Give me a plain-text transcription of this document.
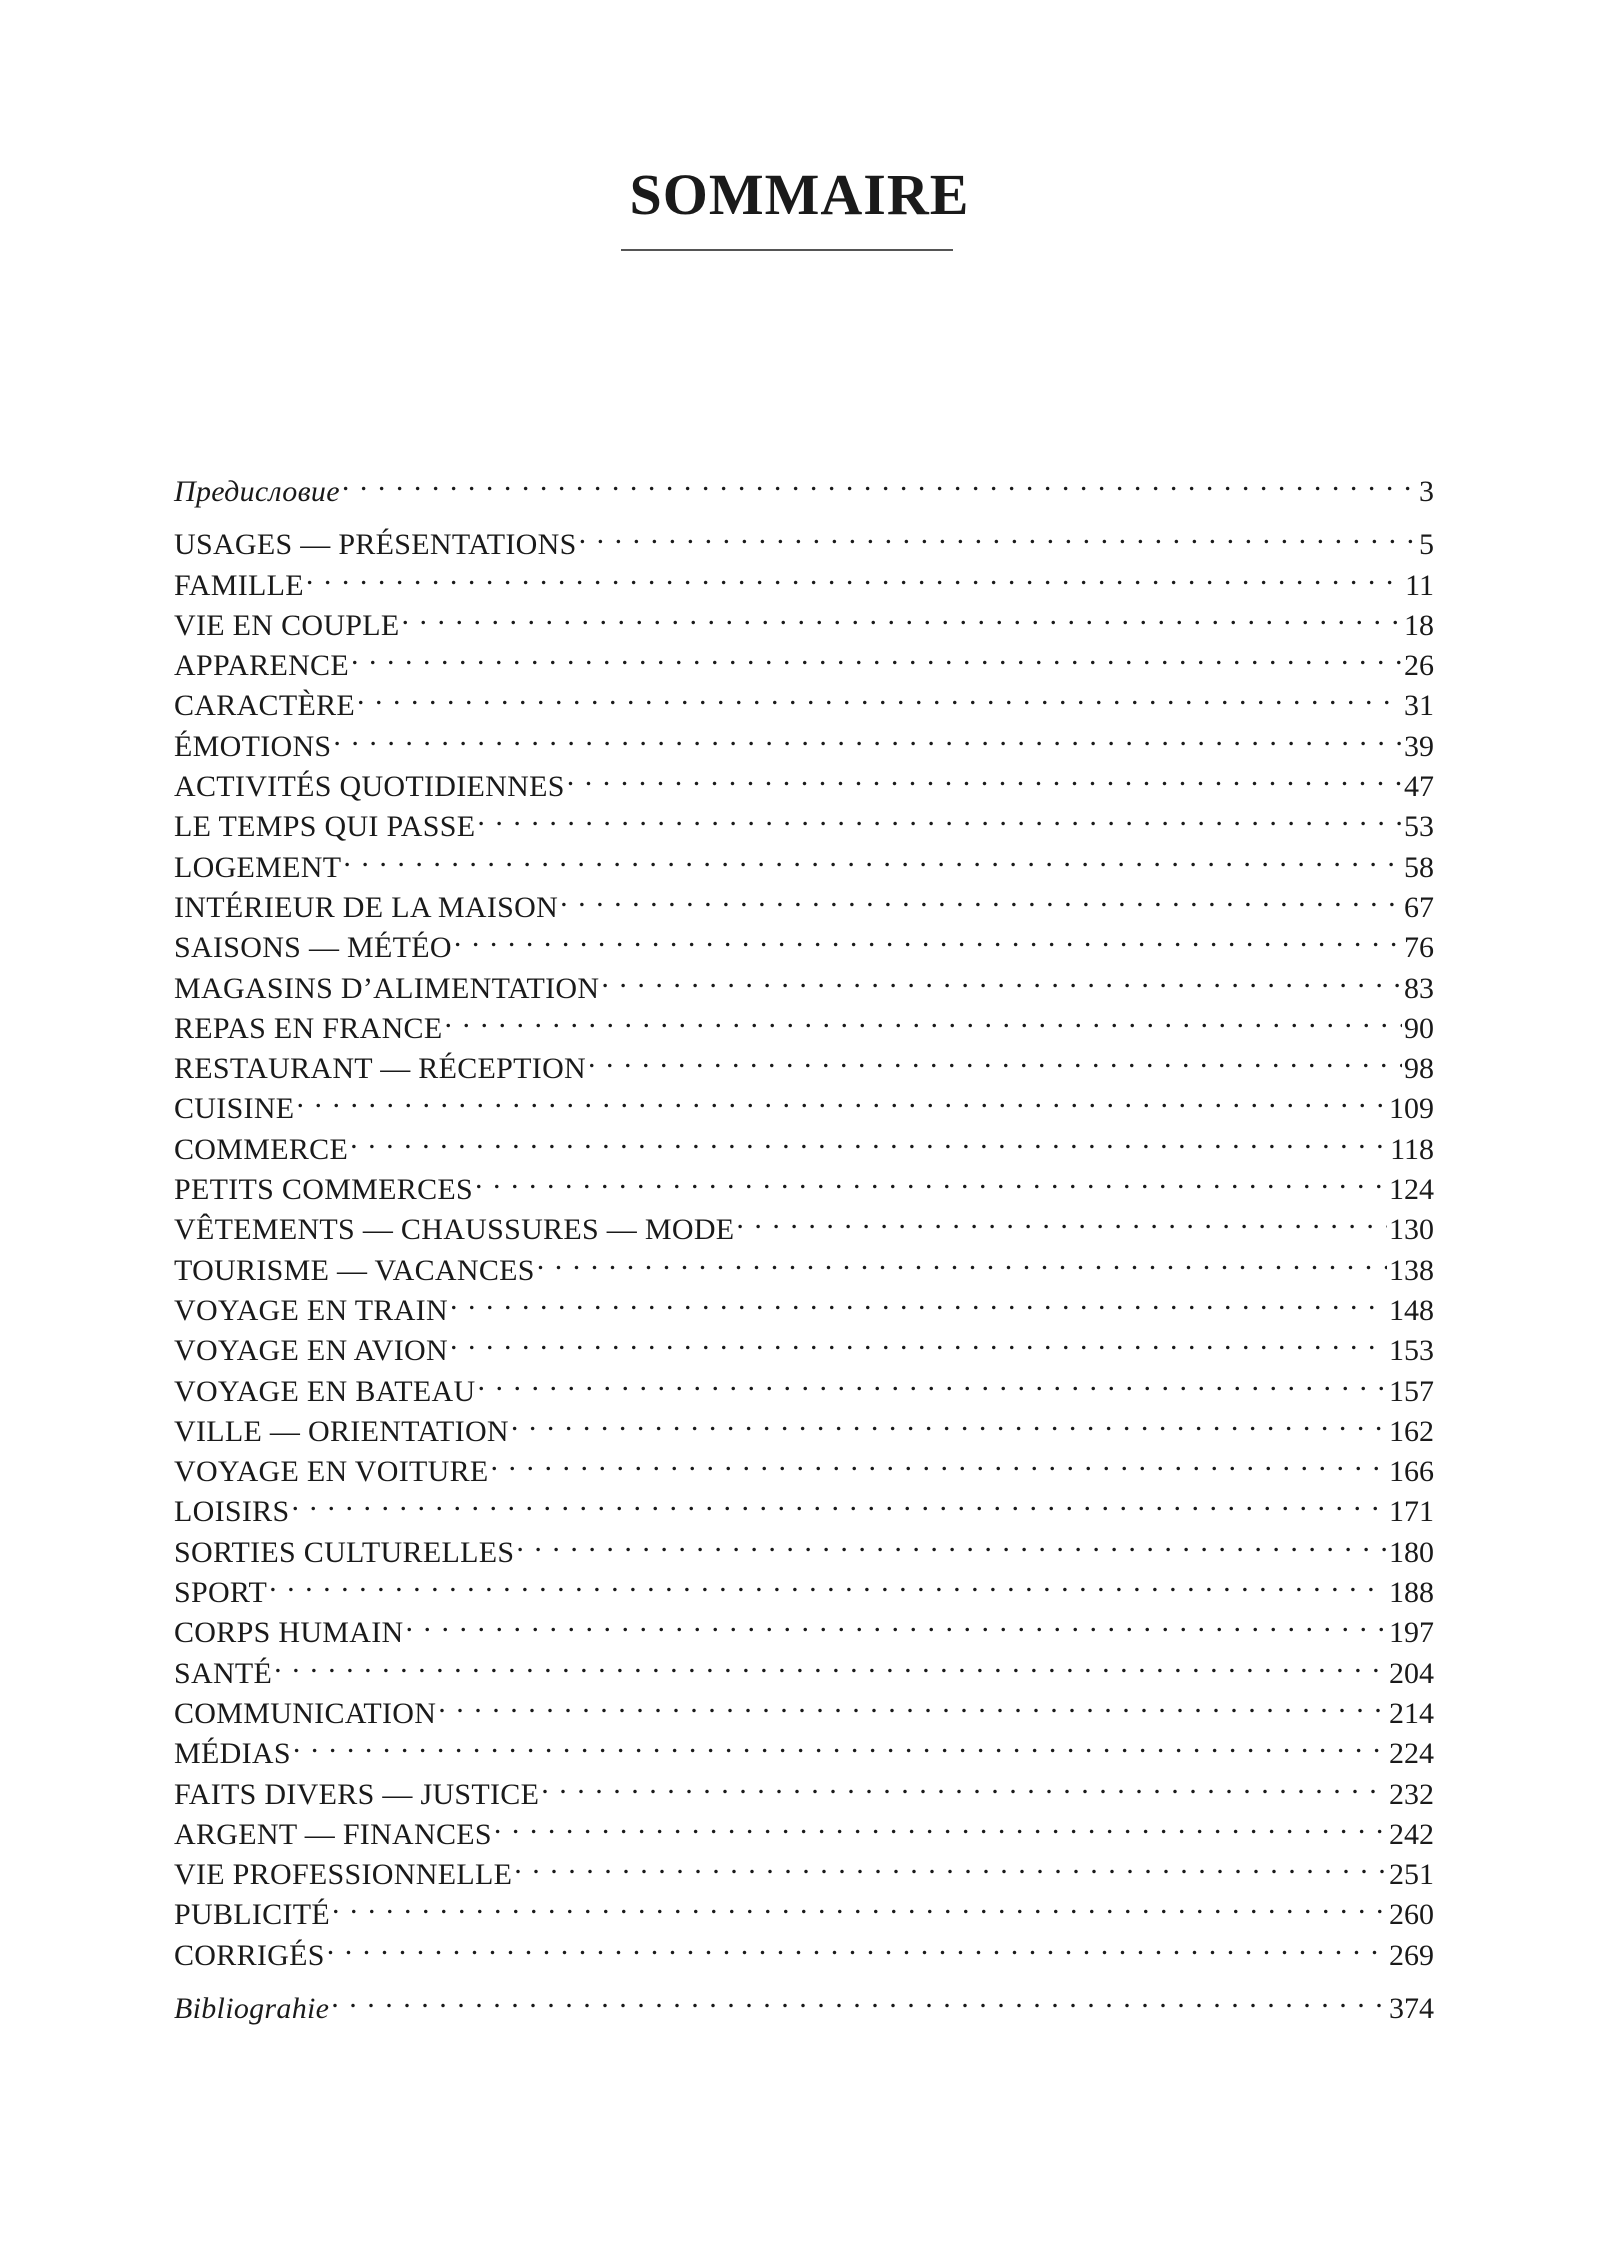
SOMMAIRE
Предисловие . . .	3
USAGES — PRÉSENTATIONS . . .	5
FAMILLE . . .	11
VIE EN COUPLE . . .	18
APPARENCE . . .	26
CARACTÈRE . . .	31
ÉMOTIONS . . .	39
ACTIVITÉS QUOTIDIENNES . . .	47
LE TEMPS QUI PASSE . . .	53
LOGEMENT . . .	58
INTÉRIEUR DE LA MAISON . . .	67
SAISONS — MÉTÉO . . .	76
MAGASINS D’ALIMENTATION . . .	83
REPAS EN FRANCE . . .	90
RESTAURANT — RÉCEPTION . . .	98
CUISINE . . .	109
COMMERCE . . .	118
PETITS COMMERCES . . .	124
VÊTEMENTS — CHAUSSURES — MODE . . .	130
TOURISME — VACANCES . . .	138
VOYAGE EN TRAIN . . .	148
VOYAGE EN AVION . . .	153
VOYAGE EN BATEAU . . .	157
VILLE — ORIENTATION . . .	162
VOYAGE EN VOITURE . . .	166
LOISIRS . . .	171
SORTIES CULTURELLES . . .	180
SPORT . . .	188
CORPS HUMAIN . . .	197
SANTÉ . . .	204
COMMUNICATION . . .	214
MÉDIAS . . .	224
FAITS DIVERS — JUSTICE . . .	232
ARGENT — FINANCES . . .	242
VIE PROFESSIONNELLE . . .	251
PUBLICITÉ . . .	260
CORRIGÉS . . .	269
Bibliograhie . . .	374
